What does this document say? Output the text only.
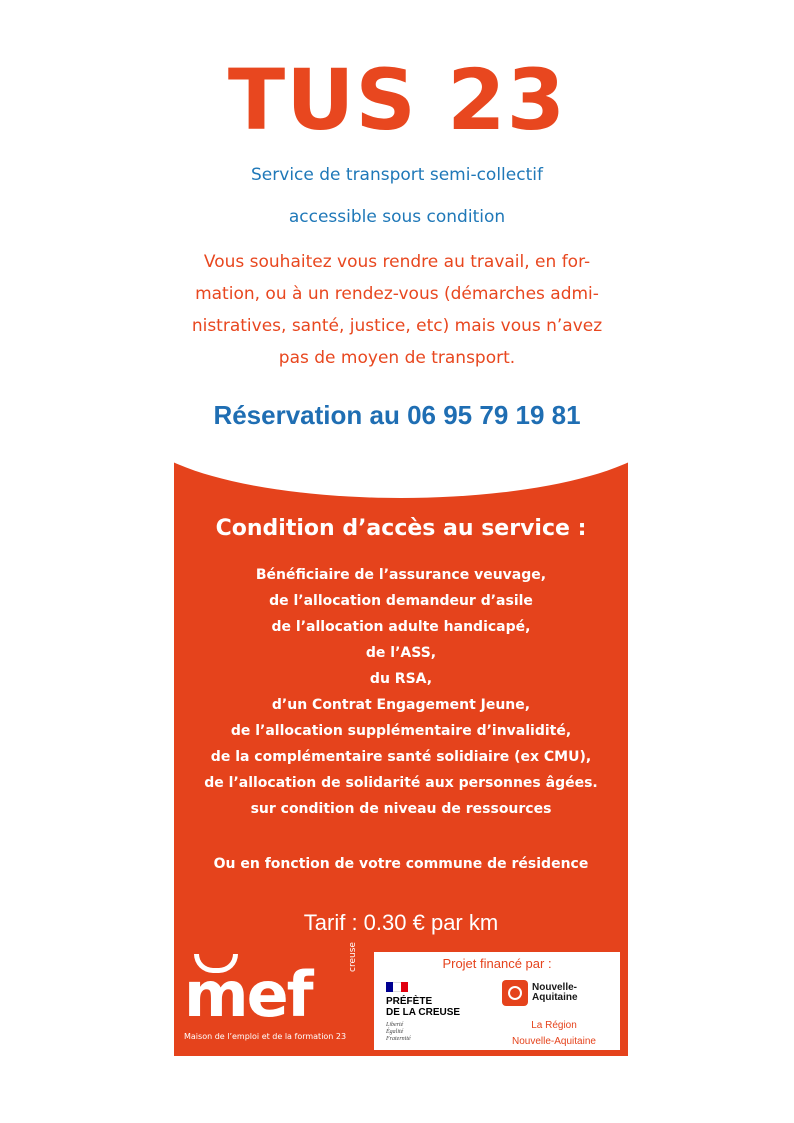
TUS 23
Service de transport semi-collectif
accessible sous condition
Vous souhaitez vous rendre au travail, en for-
mation, ou à un rendez-vous (démarches admi-
nistratives, santé, justice, etc) mais vous n’avez
pas de moyen de transport.
Réservation au 06 95 79 19 81
Condition d’accès au service :
Bénéficiaire de l’assurance veuvage,
de l’allocation demandeur d’asile
de l’allocation adulte handicapé,
de l’ASS,
du RSA,
d’un Contrat Engagement Jeune,
de l’allocation supplémentaire d’invalidité,
de la complémentaire santé solidiaire (ex CMU),
de l’allocation de solidarité aux personnes âgées.
sur condition de niveau de ressources
Ou en fonction de votre commune de résidence
Tarif : 0.30 € par km
mef
creuse
Maison de l’emploi et de la formation 23
Projet financé par :
PRÉFÈTE
DE LA CREUSE
Liberté
Égalité
Fraternité
Nouvelle-
Aquitaine
La Région
Nouvelle-Aquitaine
